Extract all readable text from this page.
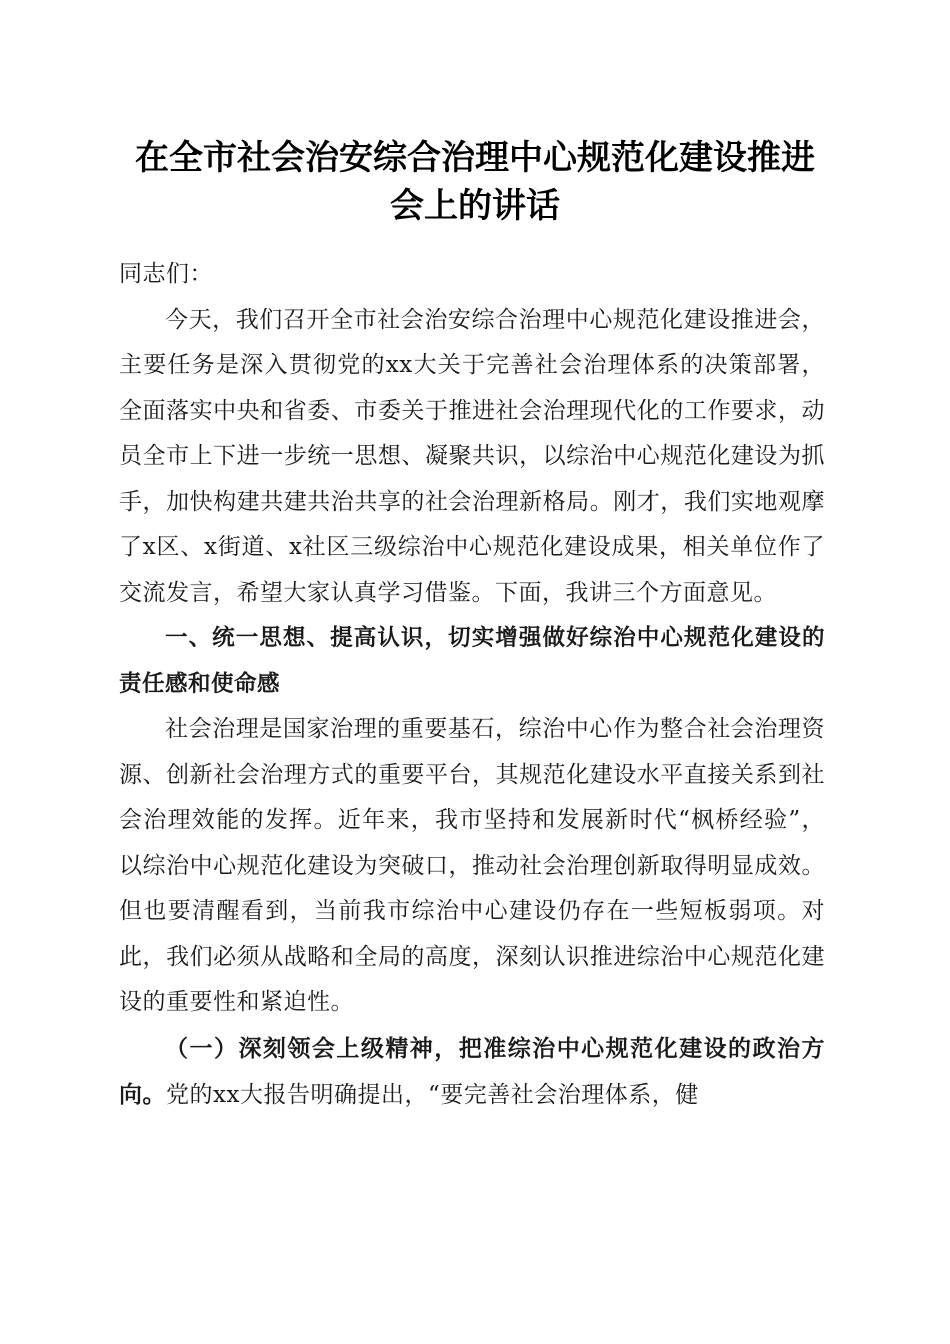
在全市社会治安综合治理中心规范化建设推进
会上的讲话

同志们：

今天，我们召开全市社会治安综合治理中心规范化建设推进会，主要任务是深入贯彻党的xx大关于完善社会治理体系的决策部署，全面落实中央和省委、市委关于推进社会治理现代化的工作要求，动员全市上下进一步统一思想、凝聚共识，以综治中心规范化建设为抓手，加快构建共建共治共享的社会治理新格局。刚才，我们实地观摩了x区、x街道、x社区三级综治中心规范化建设成果，相关单位作了交流发言，希望大家认真学习借鉴。下面，我讲三个方面意见。

一、统一思想、提高认识，切实增强做好综治中心规范化建设的责任感和使命感

社会治理是国家治理的重要基石，综治中心作为整合社会治理资源、创新社会治理方式的重要平台，其规范化建设水平直接关系到社会治理效能的发挥。近年来，我市坚持和发展新时代“枫桥经验”，以综治中心规范化建设为突破口，推动社会治理创新取得明显成效。但也要清醒看到，当前我市综治中心建设仍存在一些短板弱项。对此，我们必须从战略和全局的高度，深刻认识推进综治中心规范化建设的重要性和紧迫性。

（一）深刻领会上级精神，把准综治中心规范化建设的政治方向。党的xx大报告明确提出，“要完善社会治理体系，健
